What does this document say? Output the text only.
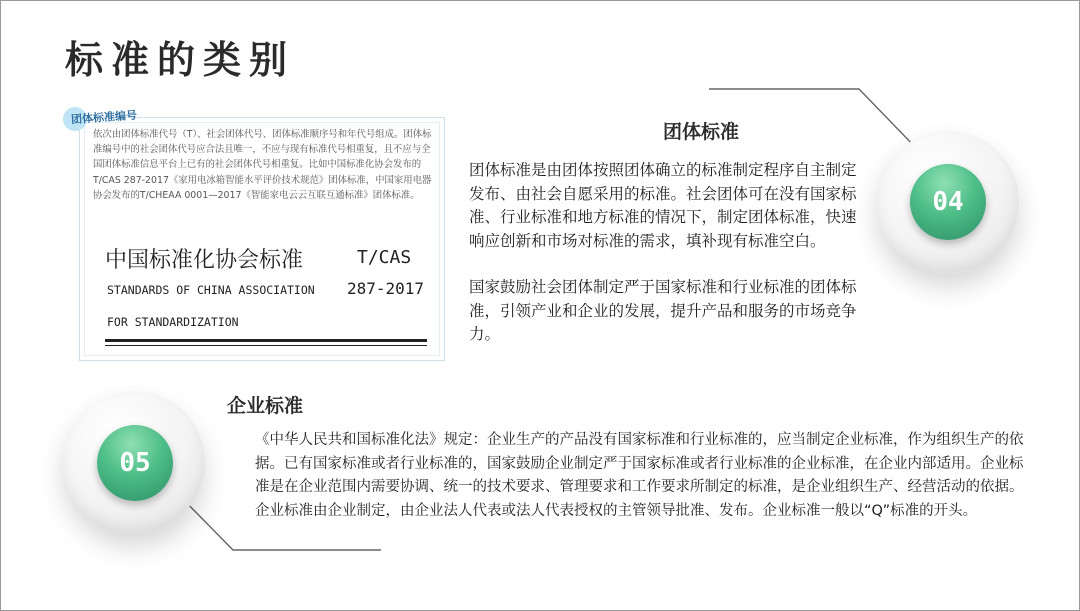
标准的类别
团体标准编号
依次由团体标准代号（T）、社会团体代号、团体标准顺序号和年代号组成。团体标准编号中的社会团体代号应合法且唯一，不应与现有标准代号相重复，且不应与全国团体标准信息平台上已有的社会团体代号相重复。比如中国标准化协会发布的T/CAS 287-2017《家用电冰箱智能水平评价技术规范》团体标准，中国家用电器协会发布的T/CHEAA 0001—2017《智能家电云云互联互通标准》团体标准。
中国标准化协会标准	T/CAS
STANDARDS OF CHINA ASSOCIATION 287-2017
FOR STANDARDIZATION
团体标准

团体标准是由团体按照团体确立的标准制定程序自主制定发布、由社会自愿采用的标准。社会团体可在没有国家标准、行业标准和地方标准的情况下，制定团体标准，快速响应创新和市场对标准的需求，填补现有标准空白。

国家鼓励社会团体制定严于国家标准和行业标准的团体标准，引领产业和企业的发展，提升产品和服务的市场竞争力。

04
05
企业标准
《中华人民共和国标准化法》规定：企业生产的产品没有国家标准和行业标准的，应当制定企业标准，作为组织生产的依据。已有国家标准或者行业标准的，国家鼓励企业制定严于国家标准或者行业标准的企业标准，在企业内部适用。企业标准是在企业范围内需要协调、统一的技术要求、管理要求和工作要求所制定的标准，是企业组织生产、经营活动的依据。企业标准由企业制定，由企业法人代表或法人代表授权的主管领导批准、发布。企业标准一般以“Q”标准的开头。
